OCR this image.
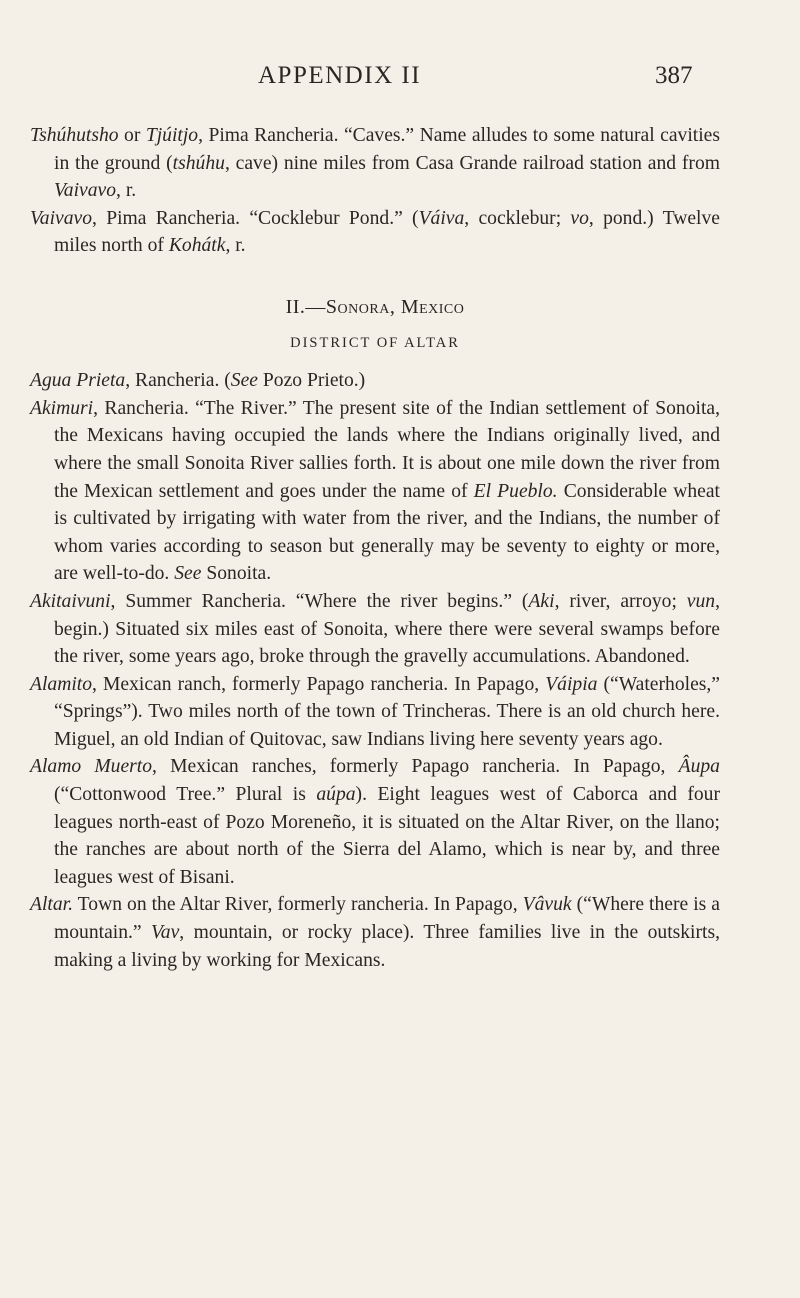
APPENDIX II	387

Tshúhutsho or Tjúitjo, Pima Rancheria. “Caves.” Name alludes to some natural cavities in the ground (tshúhu, cave) nine miles from Casa Grande railroad station and from Vaivavo, r.

Vaivavo, Pima Rancheria. “Cocklebur Pond.” (Váiva, cocklebur; vo, pond.) Twelve miles north of Kohátk, r.

II.—Sonora, Mexico
DISTRICT OF ALTAR

Agua Prieta, Rancheria. (See Pozo Prieto.)

Akimuri, Rancheria. “The River.” The present site of the Indian settlement of Sonoita, the Mexicans having occupied the lands where the Indians originally lived, and where the small Sonoita River sallies forth. It is about one mile down the river from the Mexican settlement and goes under the name of El Pueblo. Considerable wheat is cultivated by irrigating with water from the river, and the Indians, the number of whom varies according to season but generally may be seventy to eighty or more, are well-to-do. See Sonoita.

Akitaivuni, Summer Rancheria. “Where the river begins.” (Aki, river, arroyo; vun, begin.) Situated six miles east of Sonoita, where there were several swamps before the river, some years ago, broke through the gravelly accumulations. Abandoned.

Alamito, Mexican ranch, formerly Papago rancheria. In Papago, Váipia (“Waterholes,” “Springs”). Two miles north of the town of Trincheras. There is an old church here. Miguel, an old Indian of Quitovac, saw Indians living here seventy years ago.

Alamo Muerto, Mexican ranches, formerly Papago rancheria. In Papago, Âupa (“Cottonwood Tree.” Plural is aúpa). Eight leagues west of Caborca and four leagues north-east of Pozo Moreneño, it is situated on the Altar River, on the llano; the ranches are about north of the Sierra del Alamo, which is near by, and three leagues west of Bisani.

Altar. Town on the Altar River, formerly rancheria. In Papago, Vâvuk (“Where there is a mountain.” Vav, mountain, or rocky place). Three families live in the outskirts, making a living by working for Mexicans.
